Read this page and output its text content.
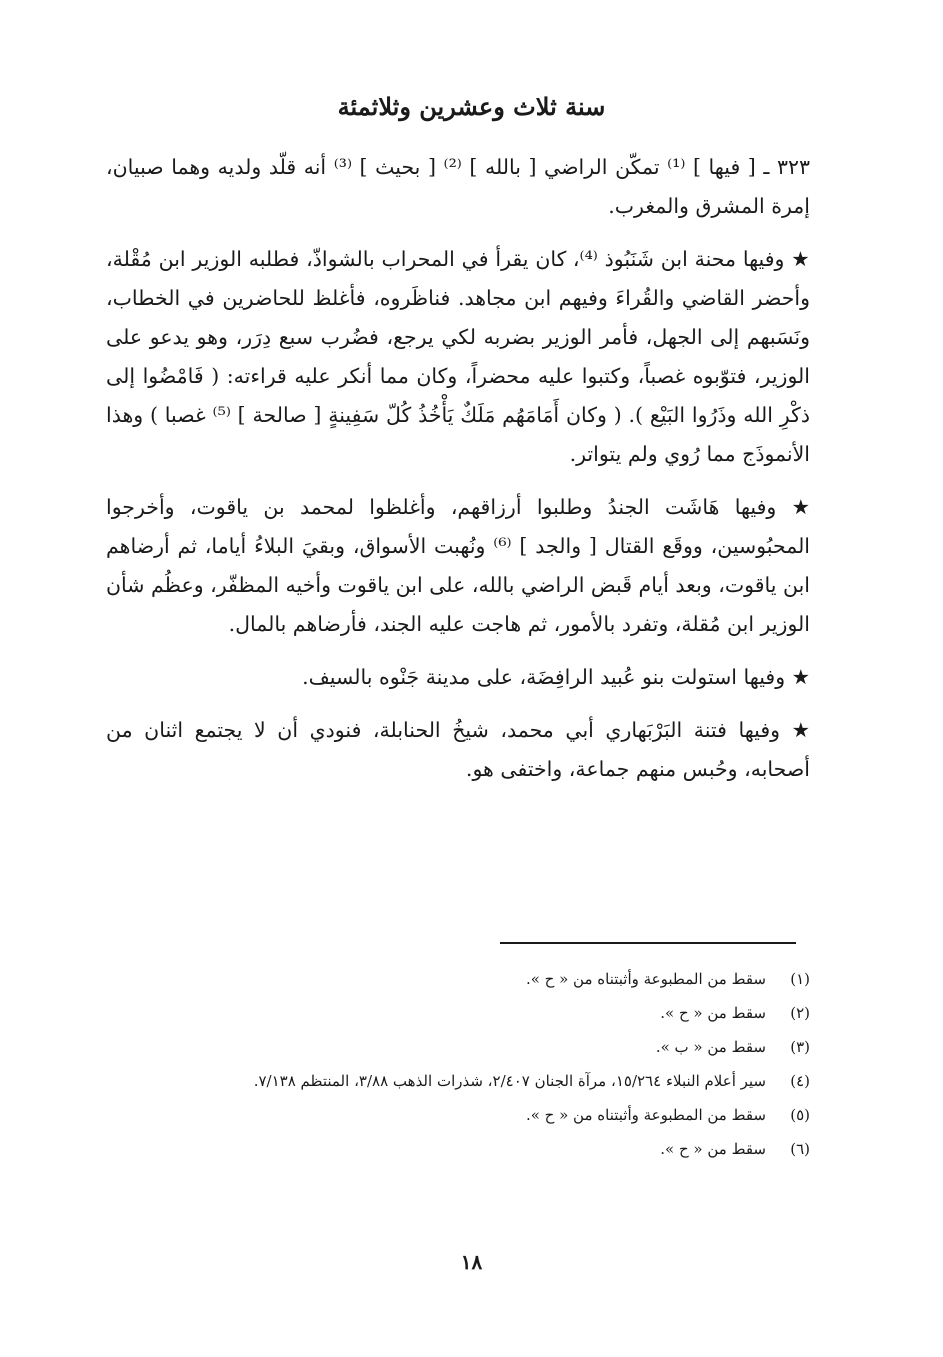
سنة ثلاث وعشرين وثلاثمئة

٣٢٣ ـ [ فيها ] ⁽¹⁾ تمكّن الراضي [ بالله ] ⁽²⁾ [ بحيث ] ⁽³⁾ أنه قلّد ولديه وهما صبيان، إمرة المشرق والمغرب.

★ وفيها محنة ابن شَنَبُوذ ⁽⁴⁾، كان يقرأ في المحراب بالشواذّ، فطلبه الوزير ابن مُقْلة، وأحضر القاضي والقُراءَ وفيهم ابن مجاهد. فناظَروه، فأغلظ للحاضرين في الخطاب، ونَسَبهم إلى الجهل، فأمر الوزير بضربه لكي يرجع، فضُرب سبع دِرَر، وهو يدعو على الوزير، فتوّبوه غصباً، وكتبوا عليه محضراً، وكان مما أنكر عليه قراءته: ( فَامْضُوا إلى ذكْرِ الله وذَرُوا البَيْع ). ( وكان أَمَامَهُم مَلَكٌ يَأْخُذُ كُلّ سَفِينةٍ [ صالحة ] ⁽⁵⁾ غصبا ) وهذا الأنموذَج مما رُوي ولم يتواتر.

★ وفيها هَاشَت الجندُ وطلبوا أرزاقهم، وأغلظوا لمحمد بن ياقوت، وأخرجوا المحبُوسين، ووقَع القتال [ والجد ] ⁽⁶⁾ ونُهبت الأسواق، وبقيَ البلاءُ أياما، ثم أرضاهم ابن ياقوت، وبعد أيام قَبض الراضي بالله، على ابن ياقوت وأخيه المظفّر، وعظُم شأن الوزير ابن مُقلة، وتفرد بالأمور، ثم هاجت عليه الجند، فأرضاهم بالمال.

★ وفيها استولت بنو عُبيد الرافِضَة، على مدينة جَنْوه بالسيف.

★ وفيها فتنة البَرْبَهاري أبي محمد، شيخُ الحنابلة، فنودي أن لا يجتمع اثنان من أصحابه، وحُبس منهم جماعة، واختفى هو.

(١)
سقط من المطبوعة وأثبتناه من « ح ».
(٢)
سقط من « ح ».
(٣)
سقط من « ب ».
(٤)
سير أعلام النبلاء ١٥/٢٦٤، مرآة الجنان ٢/٤٠٧، شذرات الذهب ٣/٨٨، المنتظم ٧/١٣٨.
(٥)
سقط من المطبوعة وأثبتناه من « ح ».
(٦)
سقط من « ح ».
١٨
